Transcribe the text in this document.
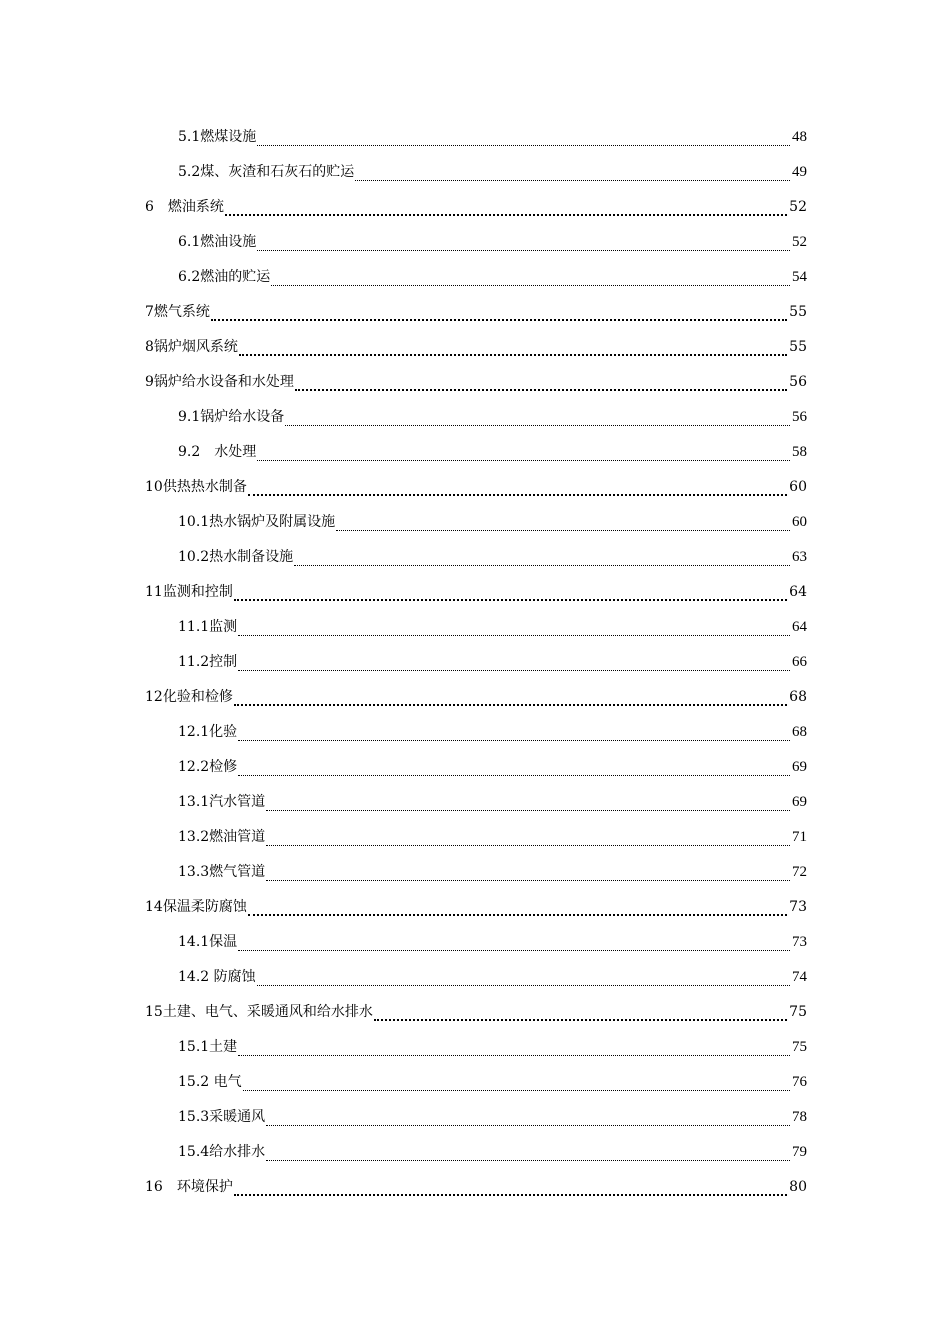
5.1燃煤设施	48
5.2煤、灰渣和石灰石的贮运	49
6　燃油系统	52
6.1燃油设施	52
6.2燃油的贮运	54
7燃气系统	55
8锅炉烟风系统	55
9锅炉给水设备和水处理	56
9.1锅炉给水设备	56
9.2　水处理	58
10供热热水制备	60
10.1热水锅炉及附属设施	60
10.2热水制备设施	63
11监测和控制	64
11.1监测	64
11.2控制	66
12化验和检修	68
12.1化验	68
12.2检修	69
13.1汽水管道	69
13.2燃油管道	71
13.3燃气管道	72
14保温柔防腐蚀	73
14.1保温	73
14.2 防腐蚀	74
15土建、电气、采暖通风和给水排水	75
15.1土建	75
15.2 电气	76
15.3采暖通风	78
15.4给水排水	79
16　环境保护	80
